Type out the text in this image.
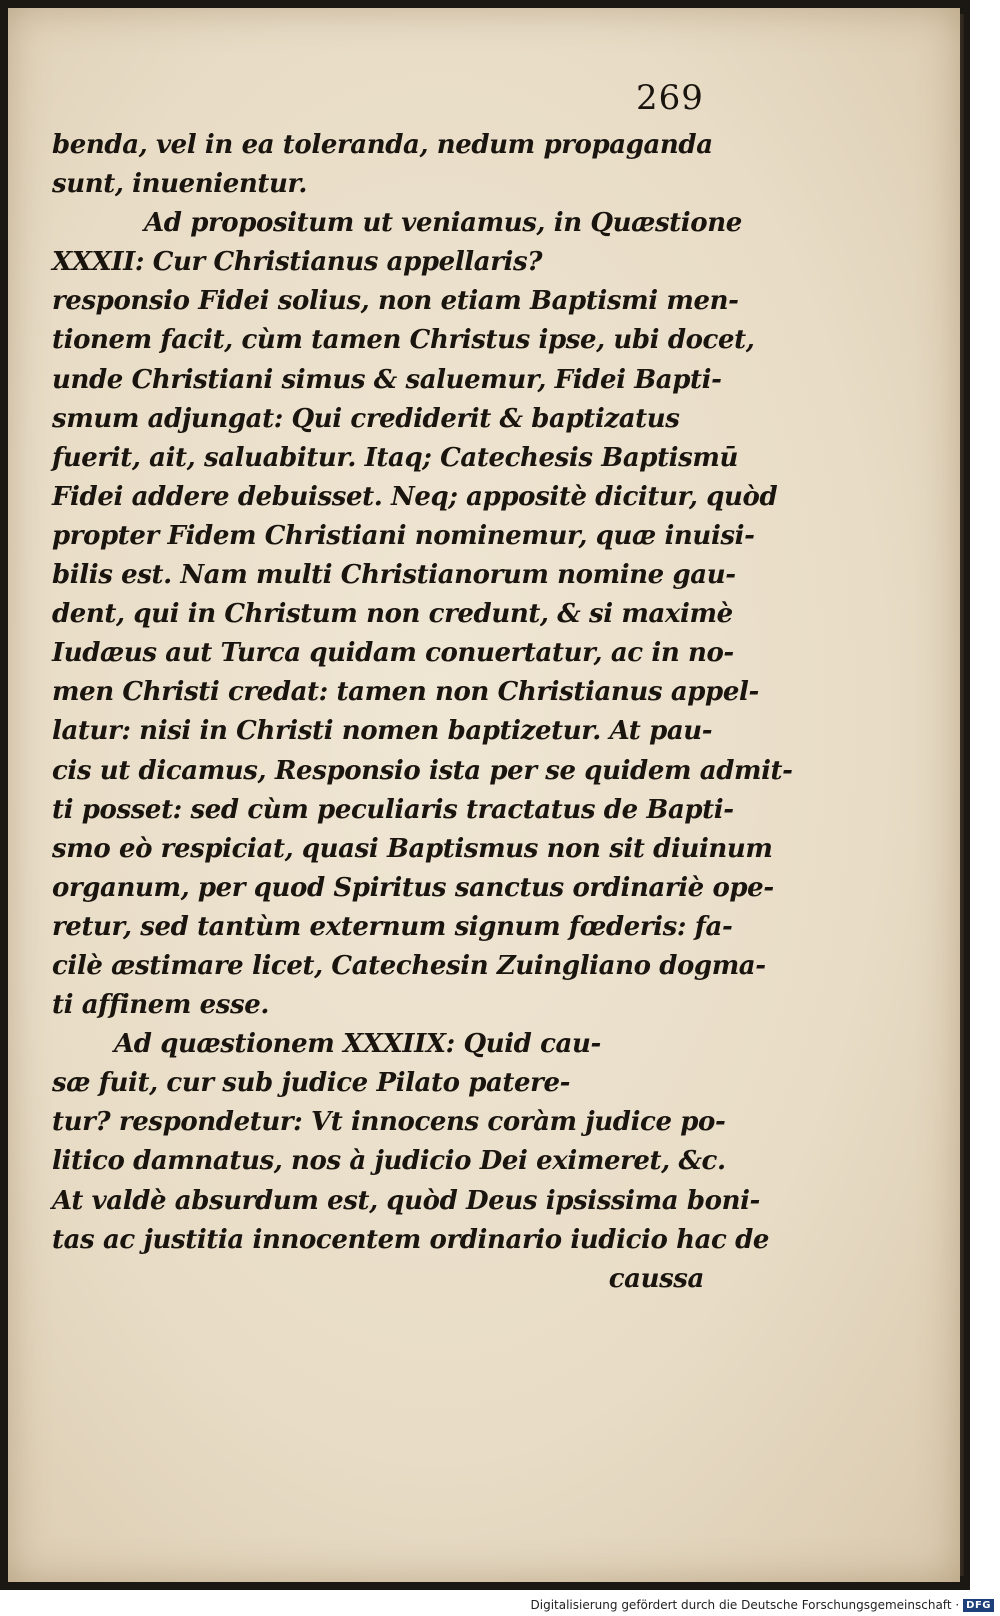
269
benda, vel in ea toleranda, nedum propaganda
sunt, inuenientur.
Ad propositum ut veniamus, in Quæstione
XXXII: Cur Christianus appellaris?
responsio Fidei solius, non etiam Baptismi men-
tionem facit, cùm tamen Christus ipse, ubi docet,
unde Christiani simus & saluemur, Fidei Bapti-
smum adjungat: Qui crediderit & baptizatus
fuerit, ait, saluabitur. Itaq; Catechesis Baptismū
Fidei addere debuisset. Neq; appositè dicitur, quòd
propter Fidem Christiani nominemur, quæ inuisi-
bilis est. Nam multi Christianorum nomine gau-
dent, qui in Christum non credunt, & si maximè
Iudæus aut Turca quidam conuertatur, ac in no-
men Christi credat: tamen non Christianus appel-
latur: nisi in Christi nomen baptizetur. At pau-
cis ut dicamus, Responsio ista per se quidem admit-
ti posset: sed cùm peculiaris tractatus de Bapti-
smo eò respiciat, quasi Baptismus non sit diuinum
organum, per quod Spiritus sanctus ordinariè ope-
retur, sed tantùm externum signum fœderis: fa-
cilè æstimare licet, Catechesin Zuingliano dogma-
ti affinem esse.
Ad quæstionem XXXIIX: Quid cau-
sæ fuit, cur sub judice Pilato patere-
tur? respondetur: Vt innocens coràm judice po-
litico damnatus, nos à judicio Dei eximeret, &c.
At valdè absurdum est, quòd Deus ipsissima boni-
tas ac justitia innocentem ordinario iudicio hac de
caussa
Digitalisierung gefördert durch die Deutsche Forschungsgemeinschaft · DFG
